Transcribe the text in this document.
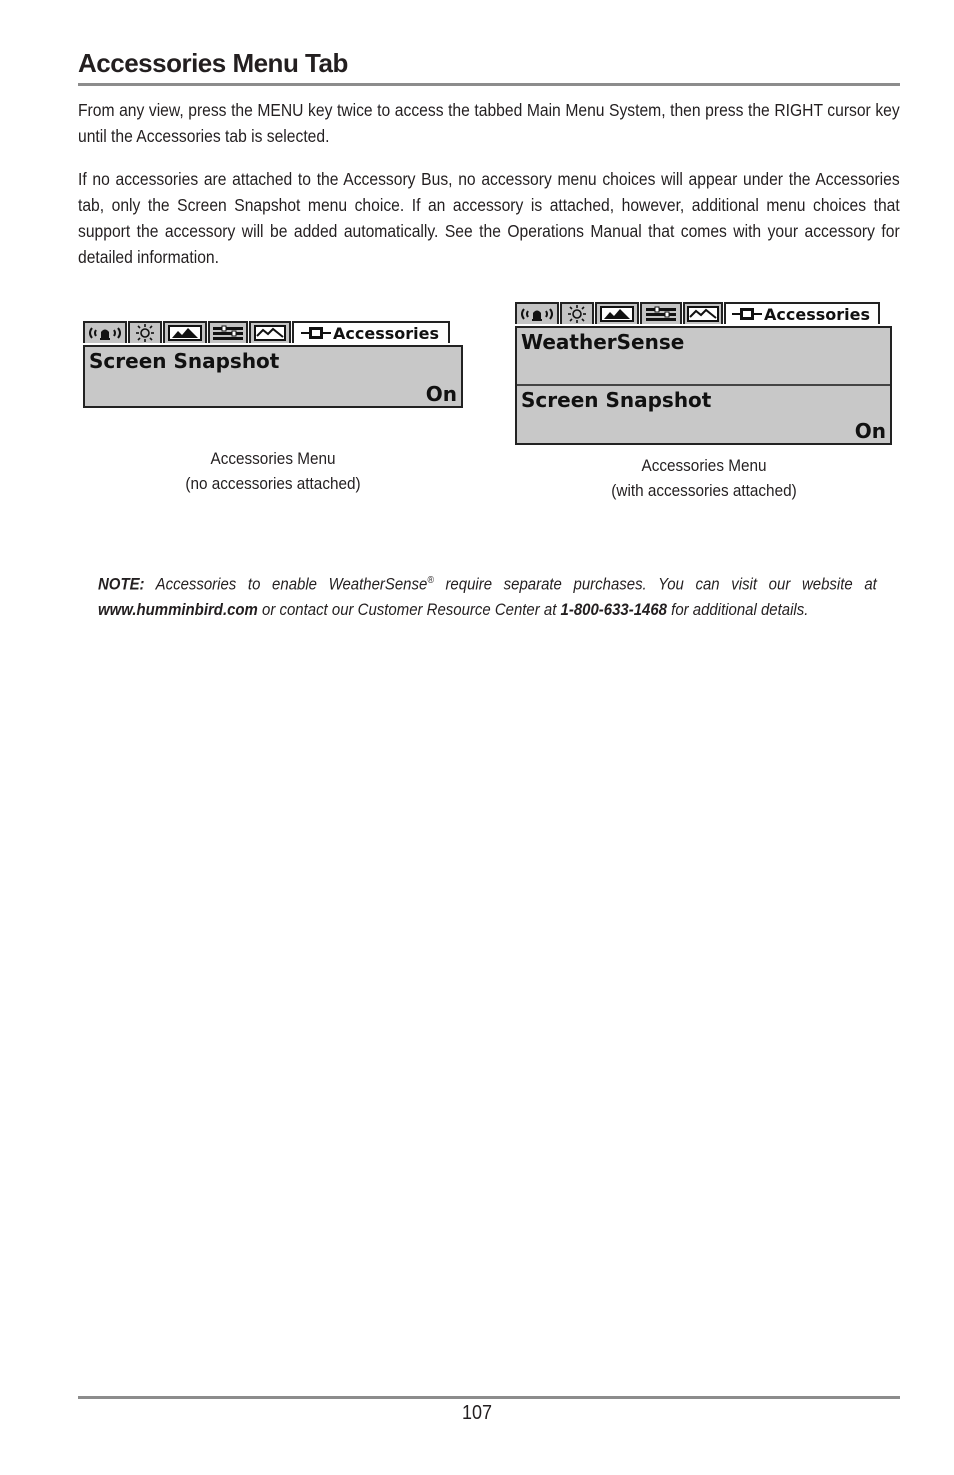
Accessories Menu Tab

From any view, press the MENU key twice to access the tabbed Main Menu System, then press the RIGHT cursor key until the Accessories tab is selected.

If no accessories are attached to the Accessory Bus, no accessory menu choices will appear under the Accessories tab, only the Screen Snapshot menu choice. If an accessory is attached, however, additional menu choices that support the accessory will be added automatically. See the Operations Manual that comes with your accessory for detailed information.

Accessories
Screen Snapshot
On
Accessories Menu
(no accessories attached)
Accessories
WeatherSense
Screen Snapshot
On
Accessories Menu
(with accessories attached)

NOTE: Accessories to enable WeatherSense® require separate purchases. You can visit our website at www.humminbird.com or contact our Customer Resource Center at 1-800-633-1468 for additional details.

107
